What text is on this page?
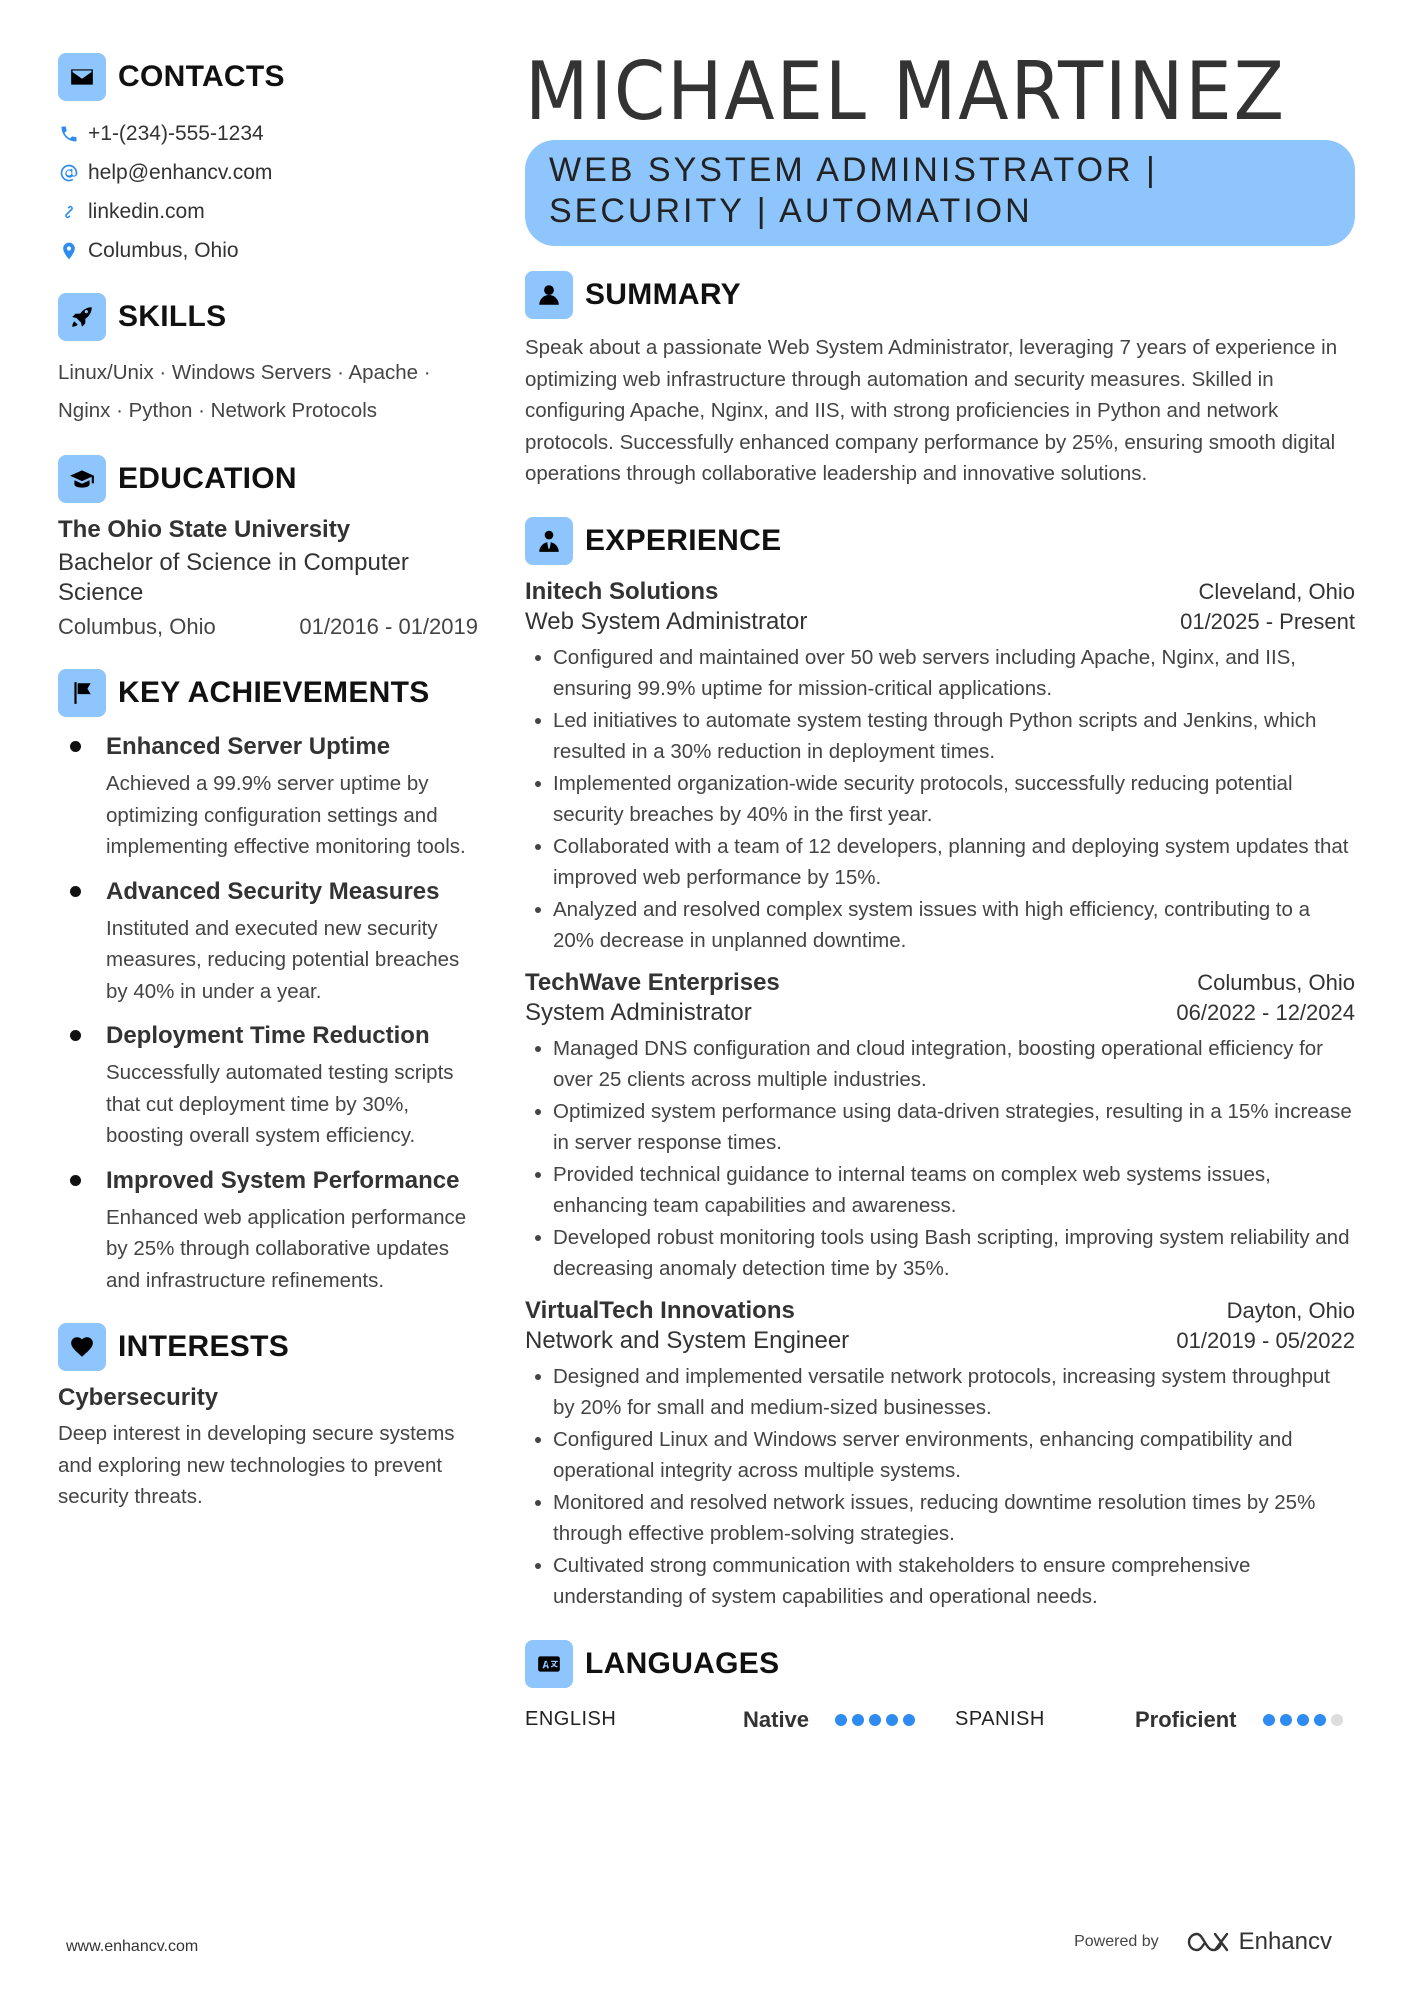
CONTACTS
+1-(234)-555-1234
help@enhancv.com
linkedin.com
Columbus, Ohio
SKILLS
Linux/Unix · Windows Servers · Apache · Nginx · Python · Network Protocols
EDUCATION
The Ohio State University
Bachelor of Science in Computer Science
Columbus, Ohio	01/2016 - 01/2019
KEY ACHIEVEMENTS
Enhanced Server Uptime
Achieved a 99.9% server uptime by optimizing configuration settings and implementing effective monitoring tools.
Advanced Security Measures
Instituted and executed new security measures, reducing potential breaches by 40% in under a year.
Deployment Time Reduction
Successfully automated testing scripts that cut deployment time by 30%, boosting overall system efficiency.
Improved System Performance
Enhanced web application performance by 25% through collaborative updates and infrastructure refinements.
INTERESTS
Cybersecurity
Deep interest in developing secure systems and exploring new technologies to prevent security threats.
MICHAEL MARTINEZ
WEB SYSTEM ADMINISTRATOR |
SECURITY | AUTOMATION
SUMMARY
Speak about a passionate Web System Administrator, leveraging 7 years of experience in optimizing web infrastructure through automation and security measures. Skilled in configuring Apache, Nginx, and IIS, with strong proficiencies in Python and network protocols. Successfully enhanced company performance by 25%, ensuring smooth digital operations through collaborative leadership and innovative solutions.
EXPERIENCE
Initech Solutions	Cleveland, Ohio
Web System Administrator	01/2025 - Present
Configured and maintained over 50 web servers including Apache, Nginx, and IIS, ensuring 99.9% uptime for mission-critical applications.
Led initiatives to automate system testing through Python scripts and Jenkins, which resulted in a 30% reduction in deployment times.
Implemented organization-wide security protocols, successfully reducing potential security breaches by 40% in the first year.
Collaborated with a team of 12 developers, planning and deploying system updates that improved web performance by 15%.
Analyzed and resolved complex system issues with high efficiency, contributing to a 20% decrease in unplanned downtime.
TechWave Enterprises	Columbus, Ohio
System Administrator	06/2022 - 12/2024
Managed DNS configuration and cloud integration, boosting operational efficiency for over 25 clients across multiple industries.
Optimized system performance using data-driven strategies, resulting in a 15% increase in server response times.
Provided technical guidance to internal teams on complex web systems issues, enhancing team capabilities and awareness.
Developed robust monitoring tools using Bash scripting, improving system reliability and decreasing anomaly detection time by 35%.
VirtualTech Innovations	Dayton, Ohio
Network and System Engineer	01/2019 - 05/2022
Designed and implemented versatile network protocols, increasing system throughput by 20% for small and medium-sized businesses.
Configured Linux and Windows server environments, enhancing compatibility and operational integrity across multiple systems.
Monitored and resolved network issues, reducing downtime resolution times by 25% through effective problem-solving strategies.
Cultivated strong communication with stakeholders to ensure comprehensive understanding of system capabilities and operational needs.
LANGUAGES
ENGLISH	Native	SPANISH	Proficient
www.enhancv.com	Powered by	Enhancv
